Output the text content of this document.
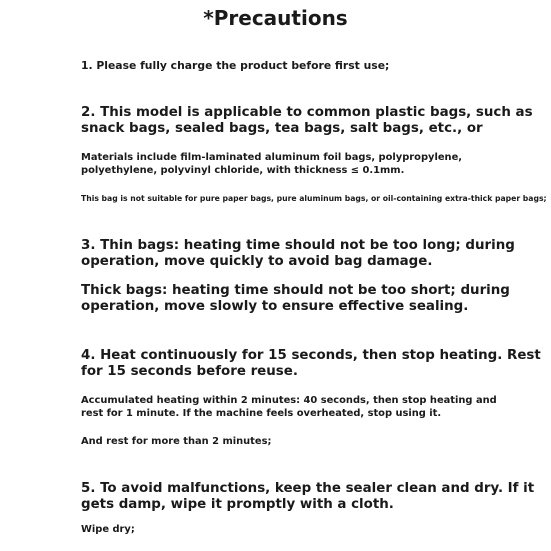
*Precautions

1. Please fully charge the product before first use;

2. This model is applicable to common plastic bags, such as

snack bags, sealed bags, tea bags, salt bags, etc., or

Materials include film-laminated aluminum foil bags, polypropylene,

polyethylene, polyvinyl chloride, with thickness ≤ 0.1mm.

This bag is not suitable for pure paper bags, pure aluminum bags, or oil-containing extra-thick paper bags;

3. Thin bags: heating time should not be too long; during

operation, move quickly to avoid bag damage.

Thick bags: heating time should not be too short; during

operation, move slowly to ensure effective sealing.

4. Heat continuously for 15 seconds, then stop heating. Rest

for 15 seconds before reuse.

Accumulated heating within 2 minutes: 40 seconds, then stop heating and

rest for 1 minute. If the machine feels overheated, stop using it.

And rest for more than 2 minutes;

5. To avoid malfunctions, keep the sealer clean and dry. If it

gets damp, wipe it promptly with a cloth.

Wipe dry;
